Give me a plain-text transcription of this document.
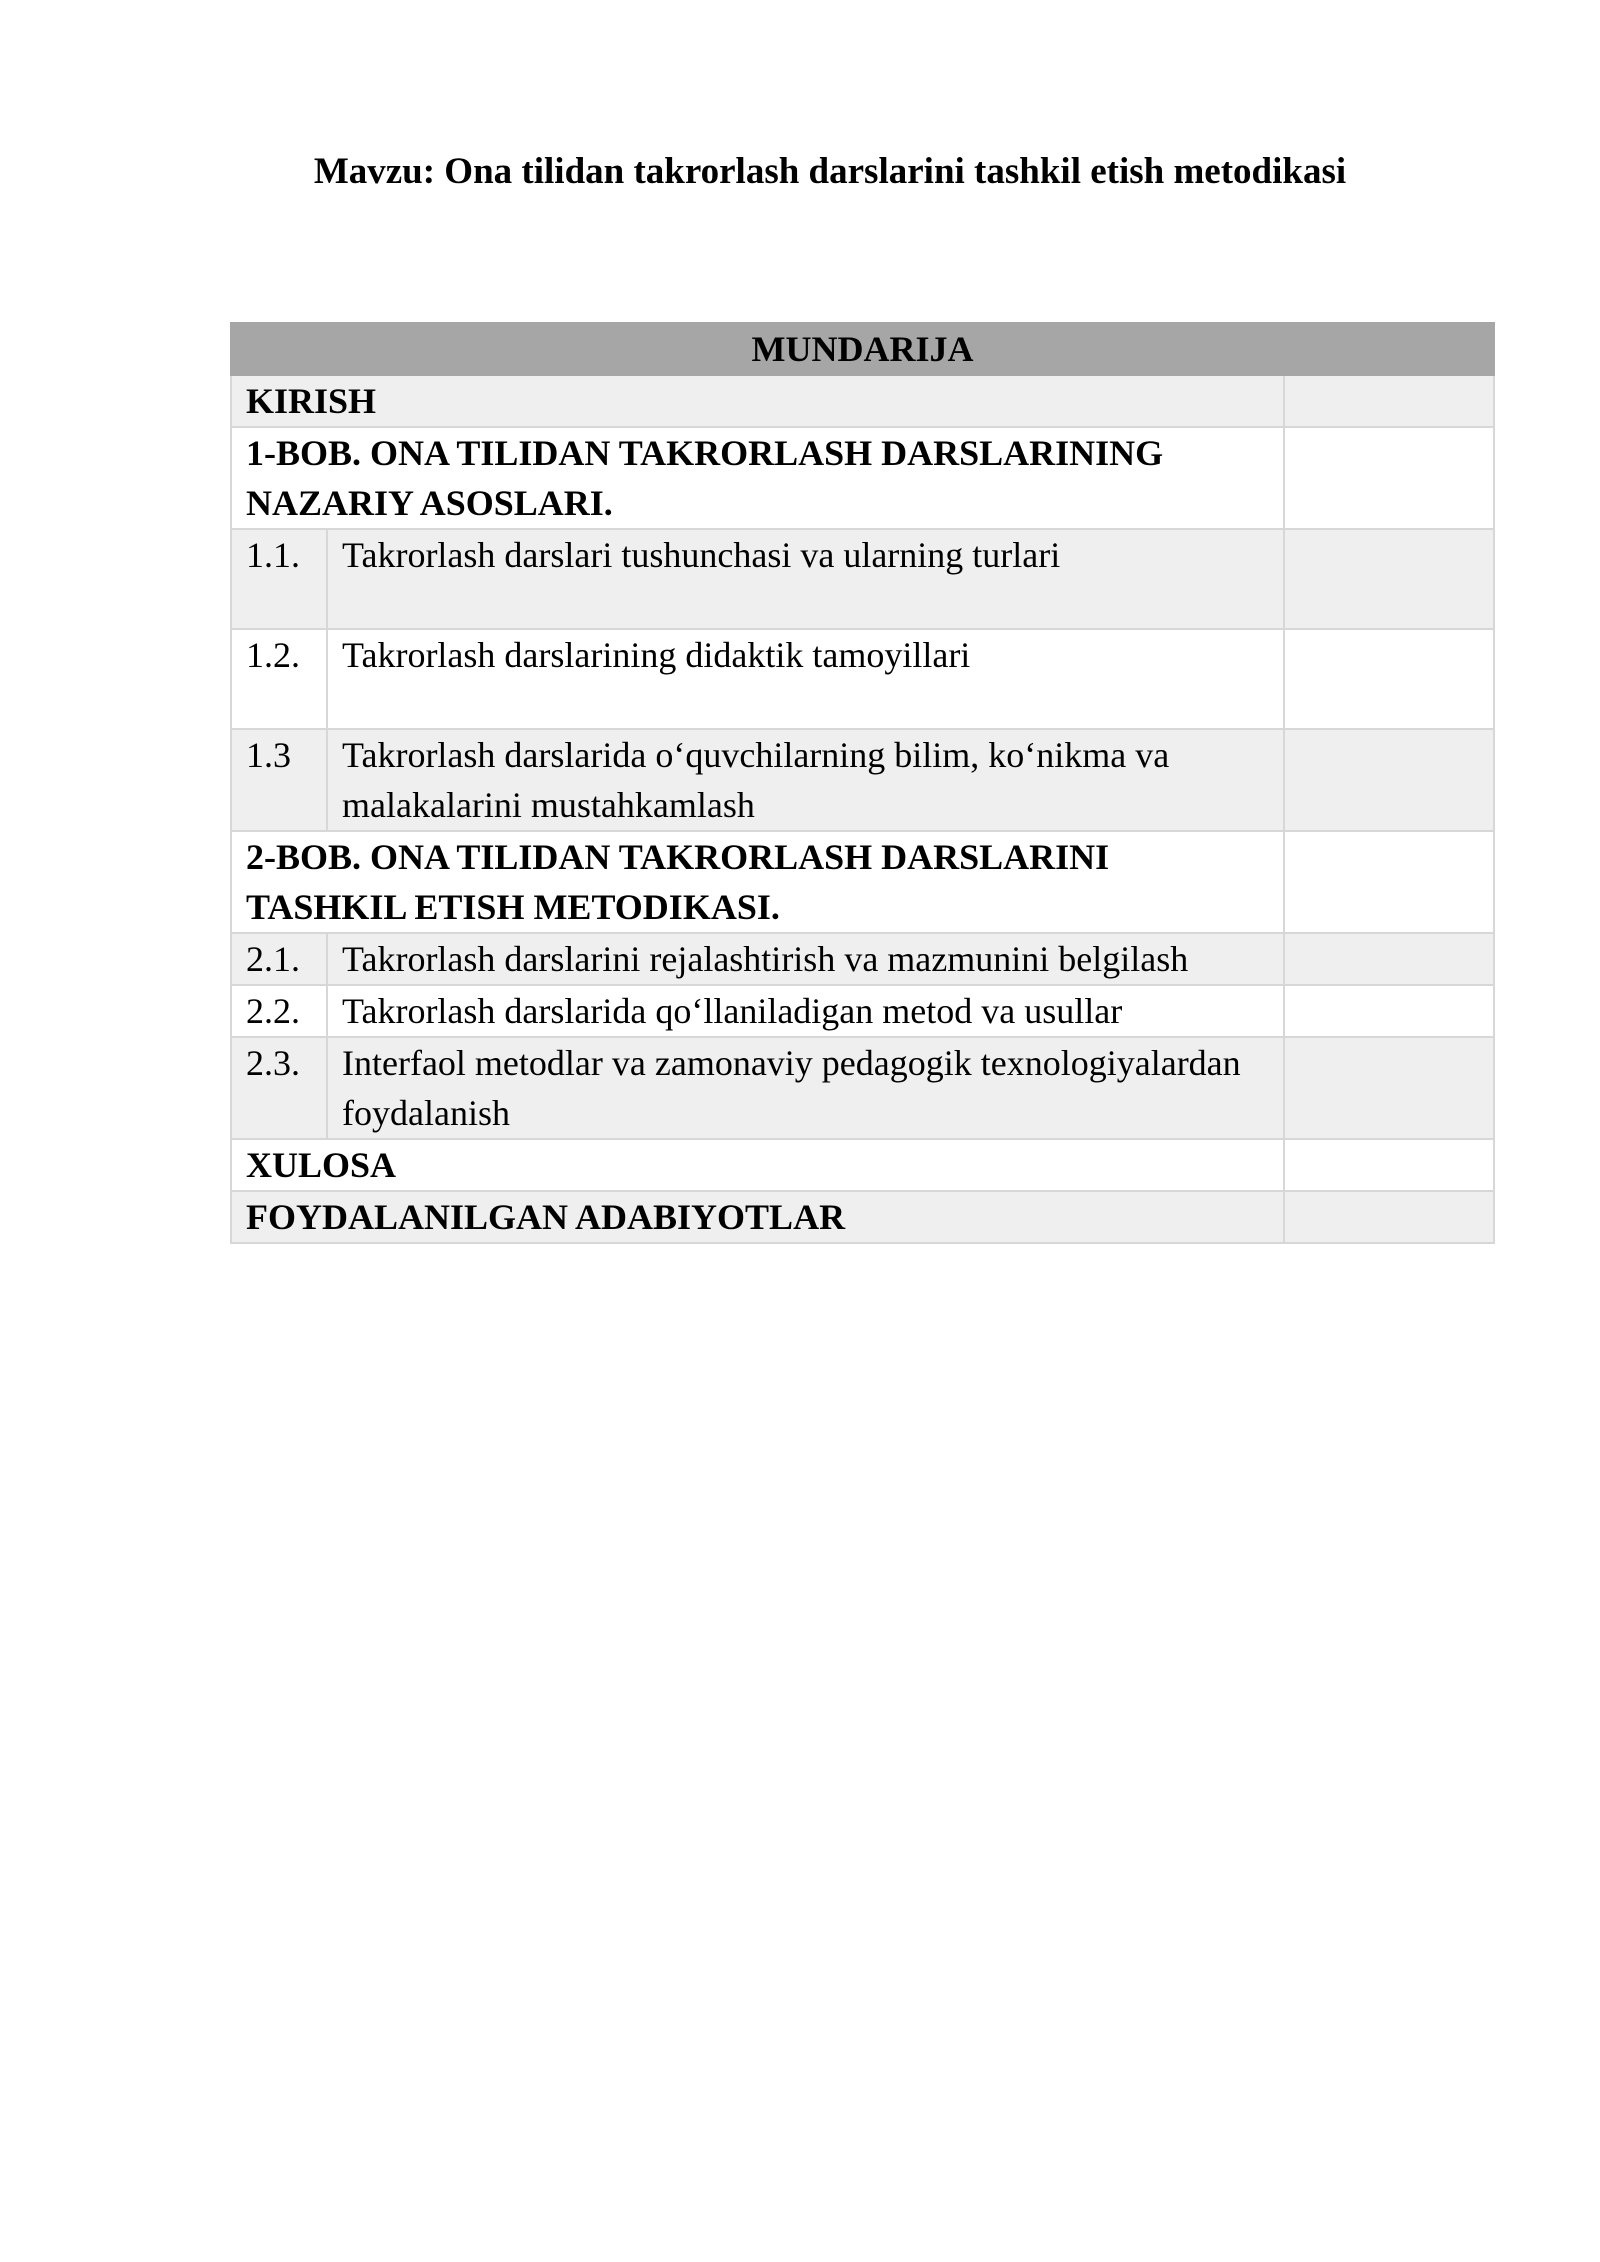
Mavzu: Ona tilidan takrorlash darslarini tashkil etish metodikasi
MUNDARIJA		
KIRISH		
1-BOB. ONA TILIDAN TAKRORLASH DARSLARINING NAZARIY ASOSLARI.		
1.1.	Takrorlash darslari tushunchasi va ularning turlari	
1.2.	Takrorlash darslarining didaktik tamoyillari	
1.3	Takrorlash darslarida o‘quvchilarning bilim, ko‘nikma va malakalarini mustahkamlash	
2-BOB. ONA TILIDAN TAKRORLASH DARSLARINI TASHKIL ETISH METODIKASI.		
2.1.	Takrorlash darslarini rejalashtirish va mazmunini belgilash	
2.2.	Takrorlash darslarida qo‘llaniladigan metod va usullar	
2.3.	Interfaol metodlar va zamonaviy pedagogik texnologiyalardan foydalanish	
XULOSA		
FOYDALANILGAN ADABIYOTLAR		
